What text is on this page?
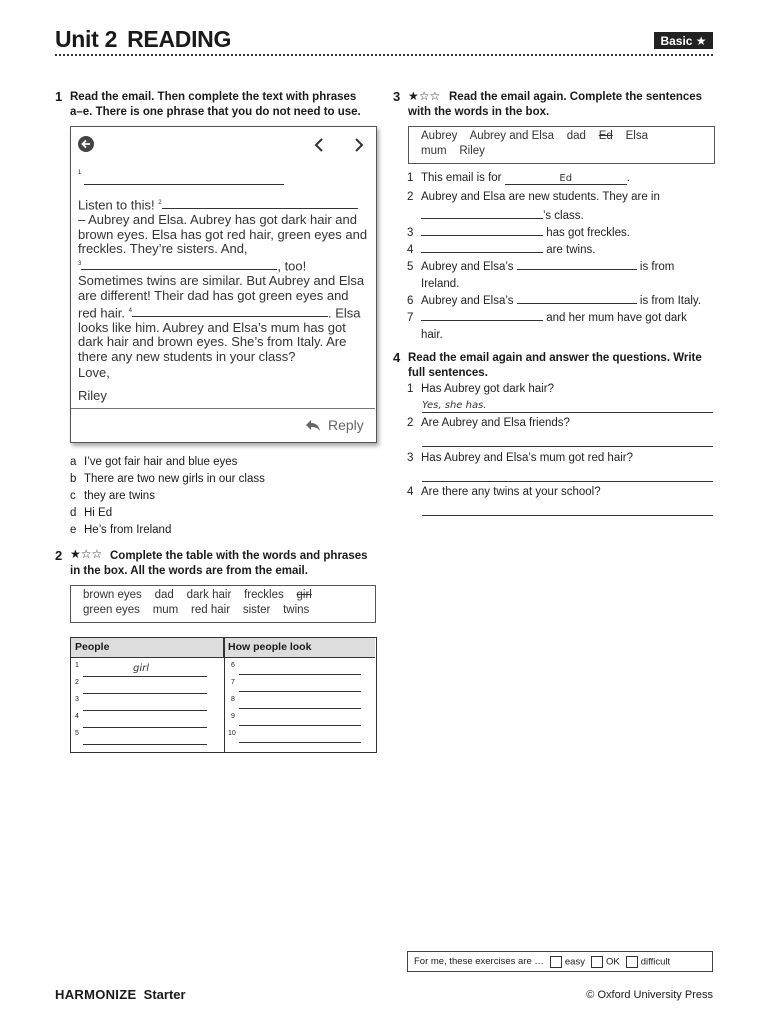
Unit 2 READING	Basic ★
1 Read the email. Then complete the text with phrases a–e. There is one phrase that you do not need to use.
1
Listen to this! $^2$
– Aubrey and Elsa. Aubrey has got dark hair and brown eyes. Elsa has got red hair, green eyes and freckles. They’re sisters. And,
$^3$	, too! Sometimes twins are similar. But Aubrey and Elsa are different! Their dad has got green eyes and red hair. $^4$	. Elsa looks like him. Aubrey and Elsa’s mum has got dark hair and brown eyes. She’s from Italy. Are there any new students in your class?
Love,
Riley
Reply
a I’ve got fair hair and blue eyes
b There are two new girls in our class
c they are twins
d Hi Ed
e He’s from Ireland
2 ★☆☆ Complete the table with the words and phrases in the box. All the words are from the email.
brown eyes dad dark hair freckles girl
green eyes mum red hair sister twins
People	How people look
1	girl
2
3
4
5
6
7
8
9
10
3 ★☆☆ Read the email again. Complete the sentences with the words in the box.
Aubrey Aubrey and Elsa dad Ed Elsa
mum Riley
1 This email is for	Ed	.
2 Aubrey and Elsa are new students. They are in
’s class.
3	has got freckles.
4	are twins.
5 Aubrey and Elsa’s	is from
Ireland.
6 Aubrey and Elsa’s	is from Italy.
7	and her mum have got dark
hair.
4 Read the email again and answer the questions. Write full sentences.
1 Has Aubrey got dark hair?
Yes, she has.
2 Are Aubrey and Elsa friends?
3 Has Aubrey and Elsa’s mum got red hair?
4 Are there any twins at your school?
For me, these exercises are …	easy	OK	difficult
HARMONIZE Starter	© Oxford University Press
